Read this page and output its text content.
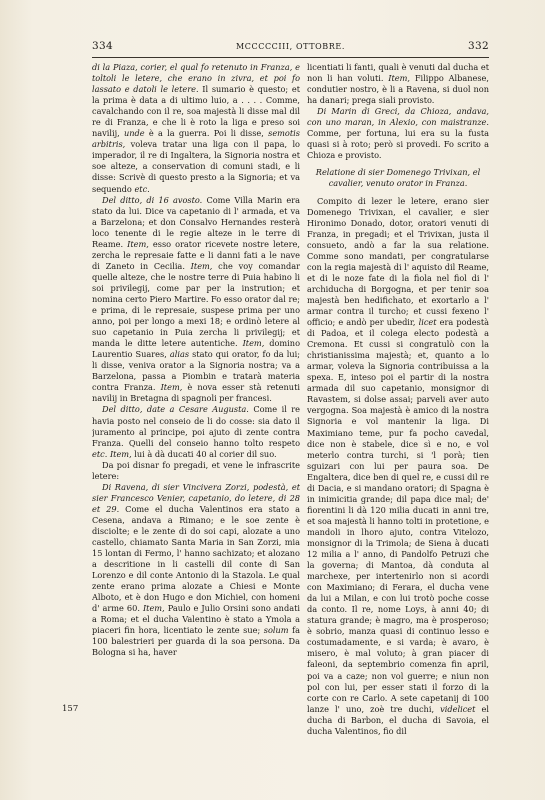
334	MCCCCCIII, OTTOBRE.	332

di la Piaza, corier, el qual fo retenuto in Franza, e toltoli le letere, che erano in zivra, et poi fo lassato e datoli le letere. Il sumario è questo; et la prima è data a di ultimo luio, a . . . . Comme, cavalchando con il re, soa majestà li disse mal dil re di Franza, e che li è roto la liga e preso soi navilij, unde è a la guerra. Poi li disse, semotis arbitris, voleva tratar una liga con il papa, lo imperador, il re di Ingaltera, la Signoria nostra et soe alteze, a conservation di comuni stadi, e li disse: Scrivè di questo presto a la Signoria; et va sequendo etc.

Del ditto, di 16 avosto. Come Villa Marin era stato da lui. Dice va capetanio di l' armada, et va a Barzelona; et don Consalvo Hernandes resterà loco tenente di le regie alteze in le terre di Reame. Item, esso orator ricevete nostre letere, zercha le represaie fatte e li danni fati a le nave di Zaneto in Cecilia. Item, che voy comandar quelle alteze, che le nostre terre di Puia habino li soi privilegij, come par per la instrution; et nomina certo Piero Martire. Fo esso orator dal re; e prima, di le represaie, suspese prima per uno anno, poi per longo a mexi 18; e ordinò letere al suo capetanio in Puia zercha li privilegij; et manda le ditte letere autentiche. Item, domino Laurentio Suares, alias stato qui orator, fo da lui; li disse, veniva orator a la Signoria nostra; va a Barzelona, passa a Piombin e tratarà materia contra Franza. Item, è nova esser stà retenuti navilij in Bretagna di spagnoli per francesi.

Del ditto, date a Cesare Augusta. Come il re havia posto nel conseio de li do cosse: sia dato il juramento al principe, poi ajuto di zente contra Franza. Quelli del conseio hanno tolto respeto etc. Item, lui à dà ducati 40 al corier dil suo.

Da poi disnar fo pregadi, et vene le infrascrite letere:

Di Ravena, di sier Vincivera Zorzi, podestà, et sier Francesco Venier, capetanio, do letere, di 28 et 29. Come el ducha Valentinos era stato a Cesena, andava a Rimano; e le soe zente è disciolte; e le zente di do soi capi, alozate a uno castello, chiamato Santa Maria in San Zorzi, mia 15 lontan di Fermo, l' hanno sachizato; et alozano a descritione in li castelli dil conte di San Lorenzo e dil conte Antonio di la Stazola. Le qual zente erano prima alozate a Chiesi e Monte Alboto, et è don Hugo e don Michiel, con homeni d' arme 60. Item, Paulo e Julio Orsini sono andati a Roma; et el ducha Valentino è stato a Ymola a piaceri fin hora, licentiato le zente sue; solum fa 100 balestrieri per guarda di la soa persona. Da Bologna si ha, haver

licentiati li fanti, quali è venuti dal ducha et non li han voluti. Item, Filippo Albanese, condutier nostro, è li a Ravena, si duol non ha danari; prega siali provisto.

Di Marin di Greci, da Chioza, andava, con uno maran, in Alexio, con maistranze. Comme, per fortuna, lui era su la fusta quasi si à roto; però si provedi. Fo scrito a Chioza e provisto.

Relatione di sier Domenego Trivixan, el cavalier, venuto orator in Franza.

Compito di lezer le letere, erano sier Domenego Trivixan, el cavalier, e sier Hironimo Donado, dotor, oratori venuti di Franza, in pregadi; et el Trivixan, justa il consueto, andò a far la sua relatione. Comme sono mandati, per congratularse con la regia majestà di l' aquisto dil Reame, et di le noze fate di la fiola nel fiol di l' archiducha di Borgogna, et per tenir soa majestà ben hedifichato, et exortarlo a l' armar contra il turcho; et cussi fexeno l' officio; e andò per ubedir, licet era podestà di Padoa, et il colega electo podestà a Cremona. Et cussi si congratulò con la christianissima majestà; et, quanto a lo armar, voleva la Signoria contribuissa a la spexa. E, inteso poi el partir di la nostra armada dil suo capetanio, monsignor di Ravastem, si dolse assai; parveli aver auto vergogna. Soa majestà è amico di la nostra Signoria e vol mantenir la liga. Di Maximiano teme, pur fa pocho cavedal, dice non è stabele, dice sì e no, e vol meterlo contra turchi, si 'l porà; tien sguizari con lui per paura soa. De Engaltera, dice ben di quel re, e cussi dil re di Dacia, e si mandano oratori; di Spagna è in inimicitia grande; dil papa dice mal; de' fiorentini li dà 120 milia ducati in anni tre, et soa majestà li hanno tolti in protetione, e mandoli in lhoro ajuto, contra Vitelozo, monsignor di la Trimola; de Siena à ducati 12 milia a l' anno, di Pandolfo Petruzi che la governa; di Mantoa, dà conduta al marchexe, per intertenirlo non si acordi con Maximiano; di Ferara, el ducha vene da lui a Milan, e con lui trotò poche cosse da conto. Il re, nome Loys, à anni 40; di statura grande; è magro, ma è prosperoso; è sobrio, manza quasi di continuo lesso e costumadamente, e si varda; è avaro, è misero, è mal voluto; à gran piacer di faleoni, da septembrio comenza fin april, poi va a caze; non vol guerre; e niun non pol con lui, per esser stati il forzo di la corte con re Carlo. A sete capetanij di 100 lanze l' uno, zoè tre duchi, videlicet el ducha di Barbon, el ducha di Savoia, el ducha Valentinos, fio dil

157
